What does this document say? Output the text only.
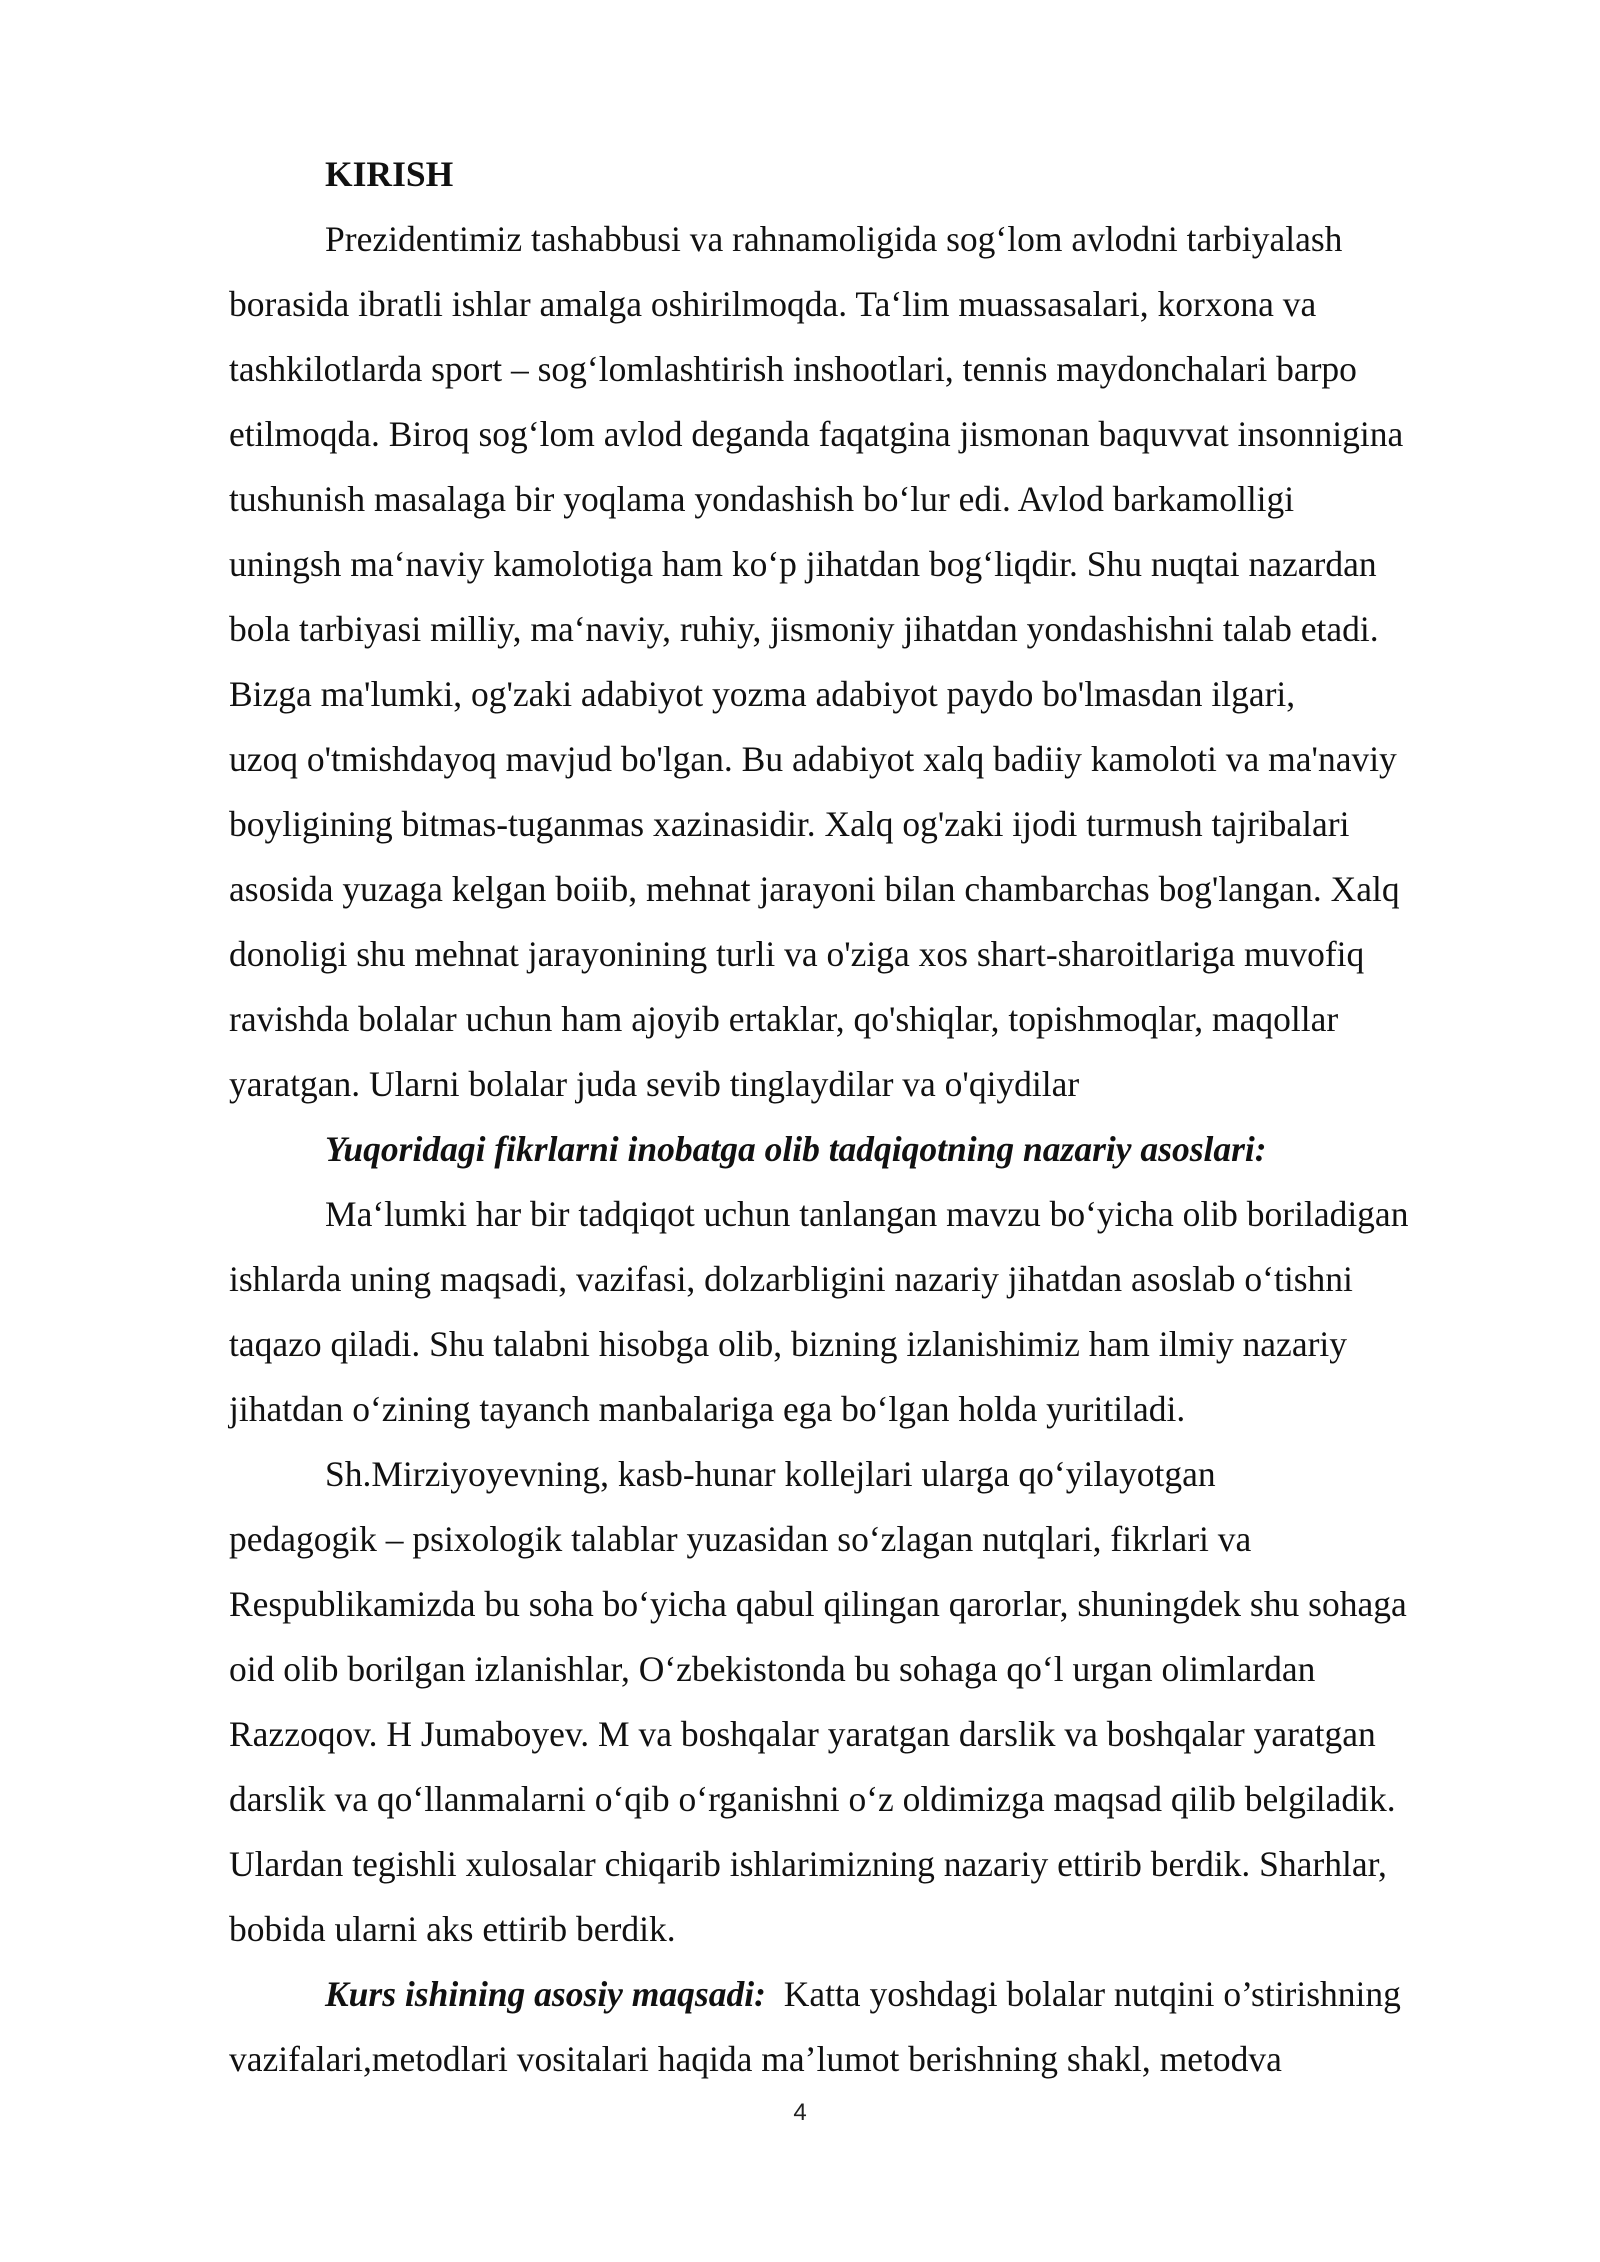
KIRISH
Prezidentimiz tashabbusi va rahnamoligida sog‘lom avlodni tarbiyalash
borasida ibratli ishlar amalga oshirilmoqda. Ta‘lim muassasalari, korxona va
tashkilotlarda sport – sog‘lomlashtirish inshootlari, tennis maydonchalari barpo
etilmoqda. Biroq sog‘lom avlod deganda faqatgina jismonan baquvvat insonnigina
tushunish masalaga bir yoqlama yondashish bo‘lur edi. Avlod barkamolligi
uningsh ma‘naviy kamolotiga ham ko‘p jihatdan bog‘liqdir. Shu nuqtai nazardan
bola tarbiyasi milliy, ma‘naviy, ruhiy, jismoniy jihatdan yondashishni talab etadi.
Bizga ma'lumki, og'zaki adabiyot yozma adabiyot paydo bo'lmasdan ilgari,
uzoq o'tmishdayoq mavjud bo'lgan. Bu adabiyot xalq badiiy kamoloti va ma'naviy
boyligining bitmas-tuganmas xazinasidir. Xalq og'zaki ijodi turmush tajribalari
asosida yuzaga kelgan boiib, mehnat jarayoni bilan chambarchas bog'langan. Xalq
donoligi shu mehnat jarayonining turli va o'ziga xos shart-sharoitlariga muvofiq
ravishda bolalar uchun ham ajoyib ertaklar, qo'shiqlar, topishmoqlar, maqollar
yaratgan. Ularni bolalar juda sevib tinglaydilar va o'qiydilar
Yuqoridagi fikrlarni inobatga olib tadqiqotning nazariy asoslari:
Ma‘lumki har bir tadqiqot uchun tanlangan mavzu bo‘yicha olib boriladigan
ishlarda uning maqsadi, vazifasi, dolzarbligini nazariy jihatdan asoslab o‘tishni
taqazo qiladi. Shu talabni hisobga olib, bizning izlanishimiz ham ilmiy nazariy
jihatdan o‘zining tayanch manbalariga ega bo‘lgan holda yuritiladi.
Sh.Mirziyoyevning, kasb-hunar kollejlari ularga qo‘yilayotgan
pedagogik – psixologik talablar yuzasidan so‘zlagan nutqlari, fikrlari va
Respublikamizda bu soha bo‘yicha qabul qilingan qarorlar, shuningdek shu sohaga
oid olib borilgan izlanishlar, O‘zbekistonda bu sohaga qo‘l urgan olimlardan
Razzoqov. H Jumaboyev. M va boshqalar yaratgan darslik va boshqalar yaratgan
darslik va qo‘llanmalarni o‘qib o‘rganishni o‘z oldimizga maqsad qilib belgiladik.
Ulardan tegishli xulosalar chiqarib ishlarimizning nazariy ettirib berdik. Sharhlar,
bobida ularni aks ettirib berdik.
Kurs ishining asosiy maqsadi:  Katta yoshdagi bolalar nutqini o’stirishning
vazifalari,metodlari vositalari haqida ma’lumot berishning shakl, metodva
4
